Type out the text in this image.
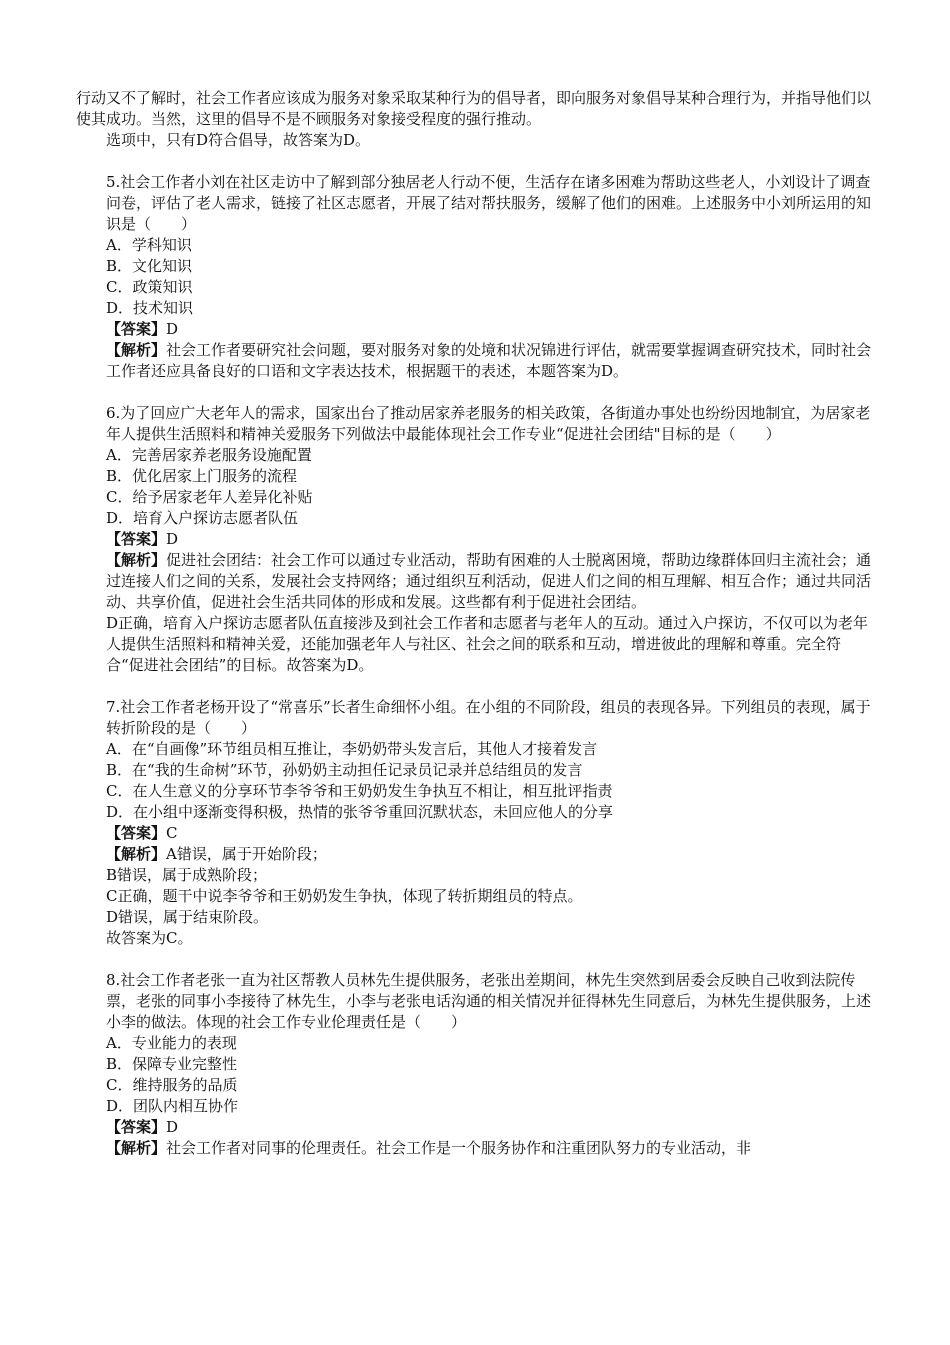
行动又不了解时，社会工作者应该成为服务对象采取某种行为的倡导者，即向服务对象倡导某种合理行为，并指导他们以使其成功。当然，这里的倡导不是不顾服务对象接受程度的强行推动。
选项中，只有D符合倡导，故答案为D。
5.社会工作者小刘在社区走访中了解到部分独居老人行动不便，生活存在诸多困难为帮助这些老人，小刘设计了调查问卷，评估了老人需求，链接了社区志愿者，开展了结对帮扶服务，缓解了他们的困难。上述服务中小刘所运用的知识是（　　）
A．学科知识
B．文化知识
C．政策知识
D．技术知识
【答案】D
【解析】社会工作者要研究社会问题，要对服务对象的处境和状况锦进行评估，就需要掌握调查研究技术，同时社会工作者还应具备良好的口语和文字表达技术，根据题干的表述，本题答案为D。
6.为了回应广大老年人的需求，国家出台了推动居家养老服务的相关政策，各街道办事处也纷纷因地制宜，为居家老年人提供生活照料和精神关爱服务下列做法中最能体现社会工作专业“促进社会团结"目标的是（　　）
A．完善居家养老服务设施配置
B．优化居家上门服务的流程
C．给予居家老年人差异化补贴
D．培育入户探访志愿者队伍
【答案】D
【解析】促进社会团结：社会工作可以通过专业活动，帮助有困难的人士脱离困境，帮助边缘群体回归主流社会；通过连接人们之间的关系，发展社会支持网络；通过组织互利活动，促进人们之间的相互理解、相互合作；通过共同活动、共享价值，促进社会生活共同体的形成和发展。这些都有利于促进社会团结。
D正确，培育入户探访志愿者队伍直接涉及到社会工作者和志愿者与老年人的互动。通过入户探访，不仅可以为老年人提供生活照料和精神关爱，还能加强老年人与社区、社会之间的联系和互动，增进彼此的理解和尊重。完全符合“促进社会团结”的目标。故答案为D。
7.社会工作者老杨开设了“常喜乐”长者生命细怀小组。在小组的不同阶段，组员的表现各异。下列组员的表现，属于转折阶段的是（　　）
A．在“自画像”环节组员相互推让，李奶奶带头发言后，其他人才接着发言
B．在“我的生命树”环节，孙奶奶主动担任记录员记录并总结组员的发言
C．在人生意义的分享环节李爷爷和王奶奶发生争执互不相让，相互批评指责
D．在小组中逐渐变得积极，热情的张爷爷重回沉默状态，未回应他人的分享
【答案】C
【解析】A错误，属于开始阶段；
B错误，属于成熟阶段；
C正确，题干中说李爷爷和王奶奶发生争执，体现了转折期组员的特点。
D错误，属于结束阶段。
故答案为C。
8.社会工作者老张一直为社区帮教人员林先生提供服务，老张出差期间，林先生突然到居委会反映自己收到法院传票，老张的同事小李接待了林先生，小李与老张电话沟通的相关情况并征得林先生同意后，为林先生提供服务，上述小李的做法。体现的社会工作专业伦理责任是（　　）
A．专业能力的表现
B．保障专业完整性
C．维持服务的品质
D．团队内相互协作
【答案】D
【解析】社会工作者对同事的伦理责任。社会工作是一个服务协作和注重团队努力的专业活动，非
